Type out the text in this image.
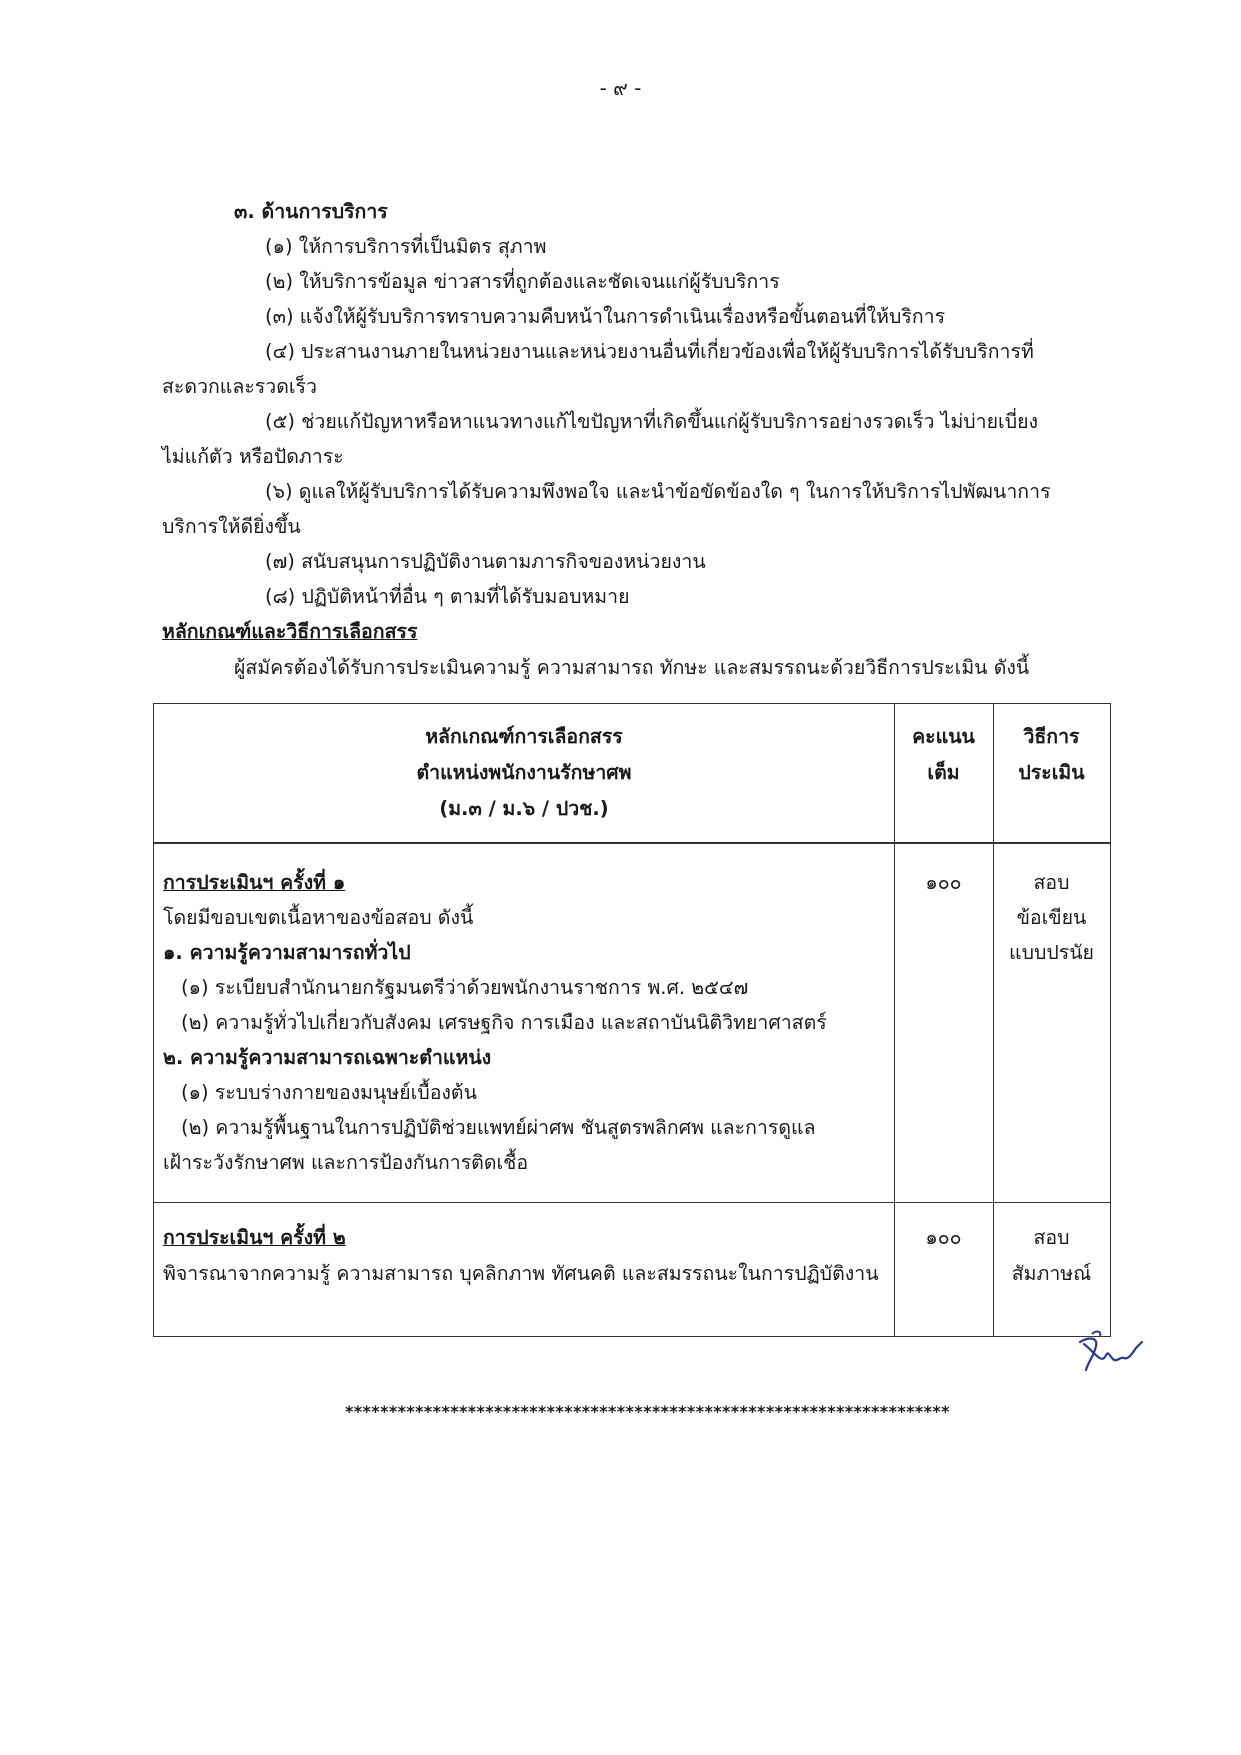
- ๙ -
๓. ด้านการบริการ
(๑) ให้การบริการที่เป็นมิตร สุภาพ
(๒) ให้บริการข้อมูล ข่าวสารที่ถูกต้องและชัดเจนแก่ผู้รับบริการ
(๓) แจ้งให้ผู้รับบริการทราบความคืบหน้าในการดำเนินเรื่องหรือขั้นตอนที่ให้บริการ
(๔) ประสานงานภายในหน่วยงานและหน่วยงานอื่นที่เกี่ยวข้องเพื่อให้ผู้รับบริการได้รับบริการที่
สะดวกและรวดเร็ว
(๕) ช่วยแก้ปัญหาหรือหาแนวทางแก้ไขปัญหาที่เกิดขึ้นแก่ผู้รับบริการอย่างรวดเร็ว ไม่บ่ายเบี่ยง
ไม่แก้ตัว หรือปัดภาระ
(๖) ดูแลให้ผู้รับบริการได้รับความพึงพอใจ และนำข้อขัดข้องใด ๆ ในการให้บริการไปพัฒนาการ
บริการให้ดียิ่งขึ้น
(๗) สนับสนุนการปฏิบัติงานตามภารกิจของหน่วยงาน
(๘) ปฏิบัติหน้าที่อื่น ๆ ตามที่ได้รับมอบหมาย
หลักเกณฑ์และวิธีการเลือกสรร
ผู้สมัครต้องได้รับการประเมินความรู้ ความสามารถ ทักษะ และสมรรถนะด้วยวิธีการประเมิน ดังนี้
หลักเกณฑ์การเลือกสรร
ตำแหน่งพนักงานรักษาศพ
(ม.๓ / ม.๖ / ปวช.)
คะแนน
เต็ม
วิธีการ
ประเมิน
การประเมินฯ ครั้งที่ ๑
โดยมีขอบเขตเนื้อหาของข้อสอบ ดังนี้
๑. ความรู้ความสามารถทั่วไป
(๑) ระเบียบสำนักนายกรัฐมนตรีว่าด้วยพนักงานราชการ พ.ศ. ๒๕๔๗
(๒) ความรู้ทั่วไปเกี่ยวกับสังคม เศรษฐกิจ การเมือง และสถาบันนิติวิทยาศาสตร์
๒. ความรู้ความสามารถเฉพาะตำแหน่ง
(๑) ระบบร่างกายของมนุษย์เบื้องต้น
(๒) ความรู้พื้นฐานในการปฏิบัติช่วยแพทย์ผ่าศพ ชันสูตรพลิกศพ และการดูแล
เฝ้าระวังรักษาศพ และการป้องกันการติดเชื้อ
๑๐๐	สอบ
ข้อเขียน
แบบปรนัย
การประเมินฯ ครั้งที่ ๒
พิจารณาจากความรู้ ความสามารถ บุคลิกภาพ ทัศนคติ และสมรรถนะในการปฏิบัติงาน
๑๐๐	สอบ
สัมภาษณ์
*********************************************************************
